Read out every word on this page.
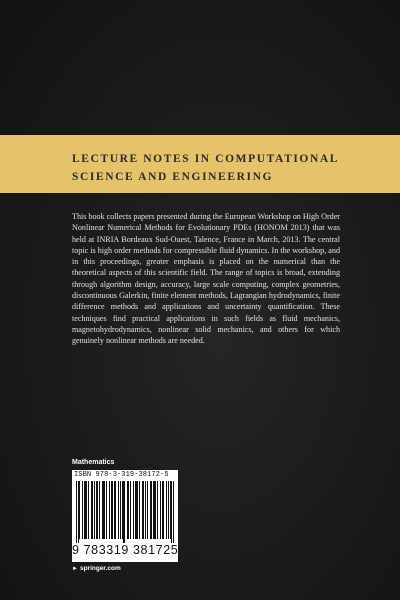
LECTURE NOTES IN COMPUTATIONAL SCIENCE AND ENGINEERING
This book collects papers presented during the European Workshop on High Order Nonlinear Numerical Methods for Evolutionary PDEs (HONOM 2013) that was held at INRIA Bordeaux Sud-Ouest, Talence, France in March, 2013. The central topic is high order methods for compressible fluid dynamics. In the workshop, and in this proceedings, greater emphasis is placed on the numerical than the theoretical aspects of this scientific field. The range of topics is broad, extending through algorithm design, accuracy, large scale computing, complex geometries, discontinuous Galerkin, finite element methods, Lagrangian hydrodynamics, finite difference methods and applications and uncertainty quantification. These techniques find practical applications in such fields as fluid mechanics, magnetohydrodynamics, nonlinear solid mechanics, and others for which genuinely nonlinear methods are needed.
Mathematics
ISBN 978-3-319-38172-5
9 783319 381725
► springer.com
